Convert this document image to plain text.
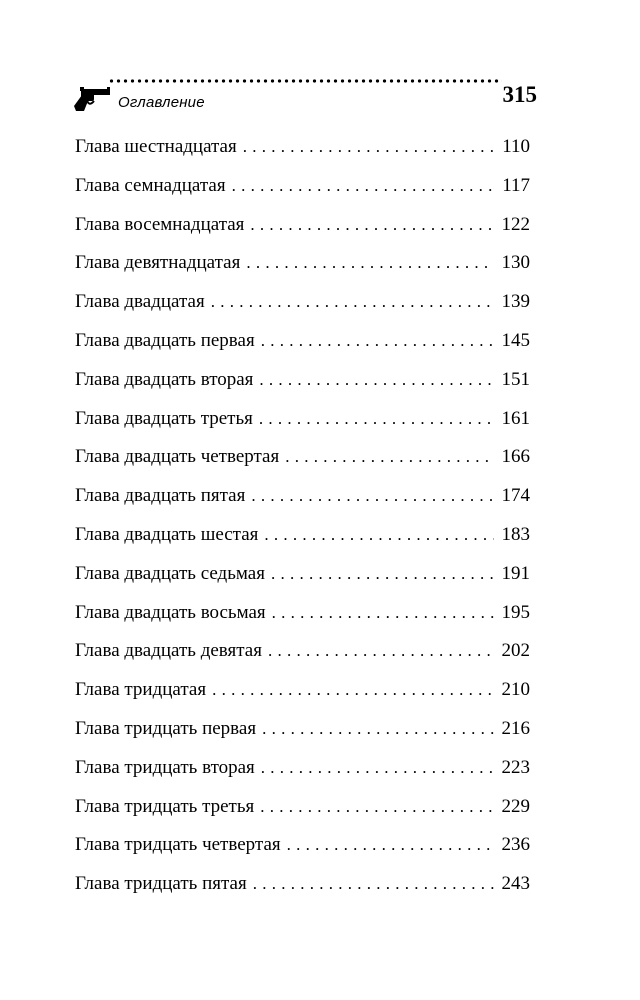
Оглавление	315
Глава шестнадцатая . . .	110
Глава семнадцатая . . .	117
Глава восемнадцатая . . .	122
Глава девятнадцатая . . .	130
Глава двадцатая . . .	139
Глава двадцать первая . . .	145
Глава двадцать вторая . . .	151
Глава двадцать третья . . .	161
Глава двадцать четвертая . . .	166
Глава двадцать пятая . . .	174
Глава двадцать шестая . . .	183
Глава двадцать седьмая . . .	191
Глава двадцать восьмая . . .	195
Глава двадцать девятая . . .	202
Глава тридцатая . . .	210
Глава тридцать первая . . .	216
Глава тридцать вторая . . .	223
Глава тридцать третья . . .	229
Глава тридцать четвертая . . .	236
Глава тридцать пятая . . .	243
